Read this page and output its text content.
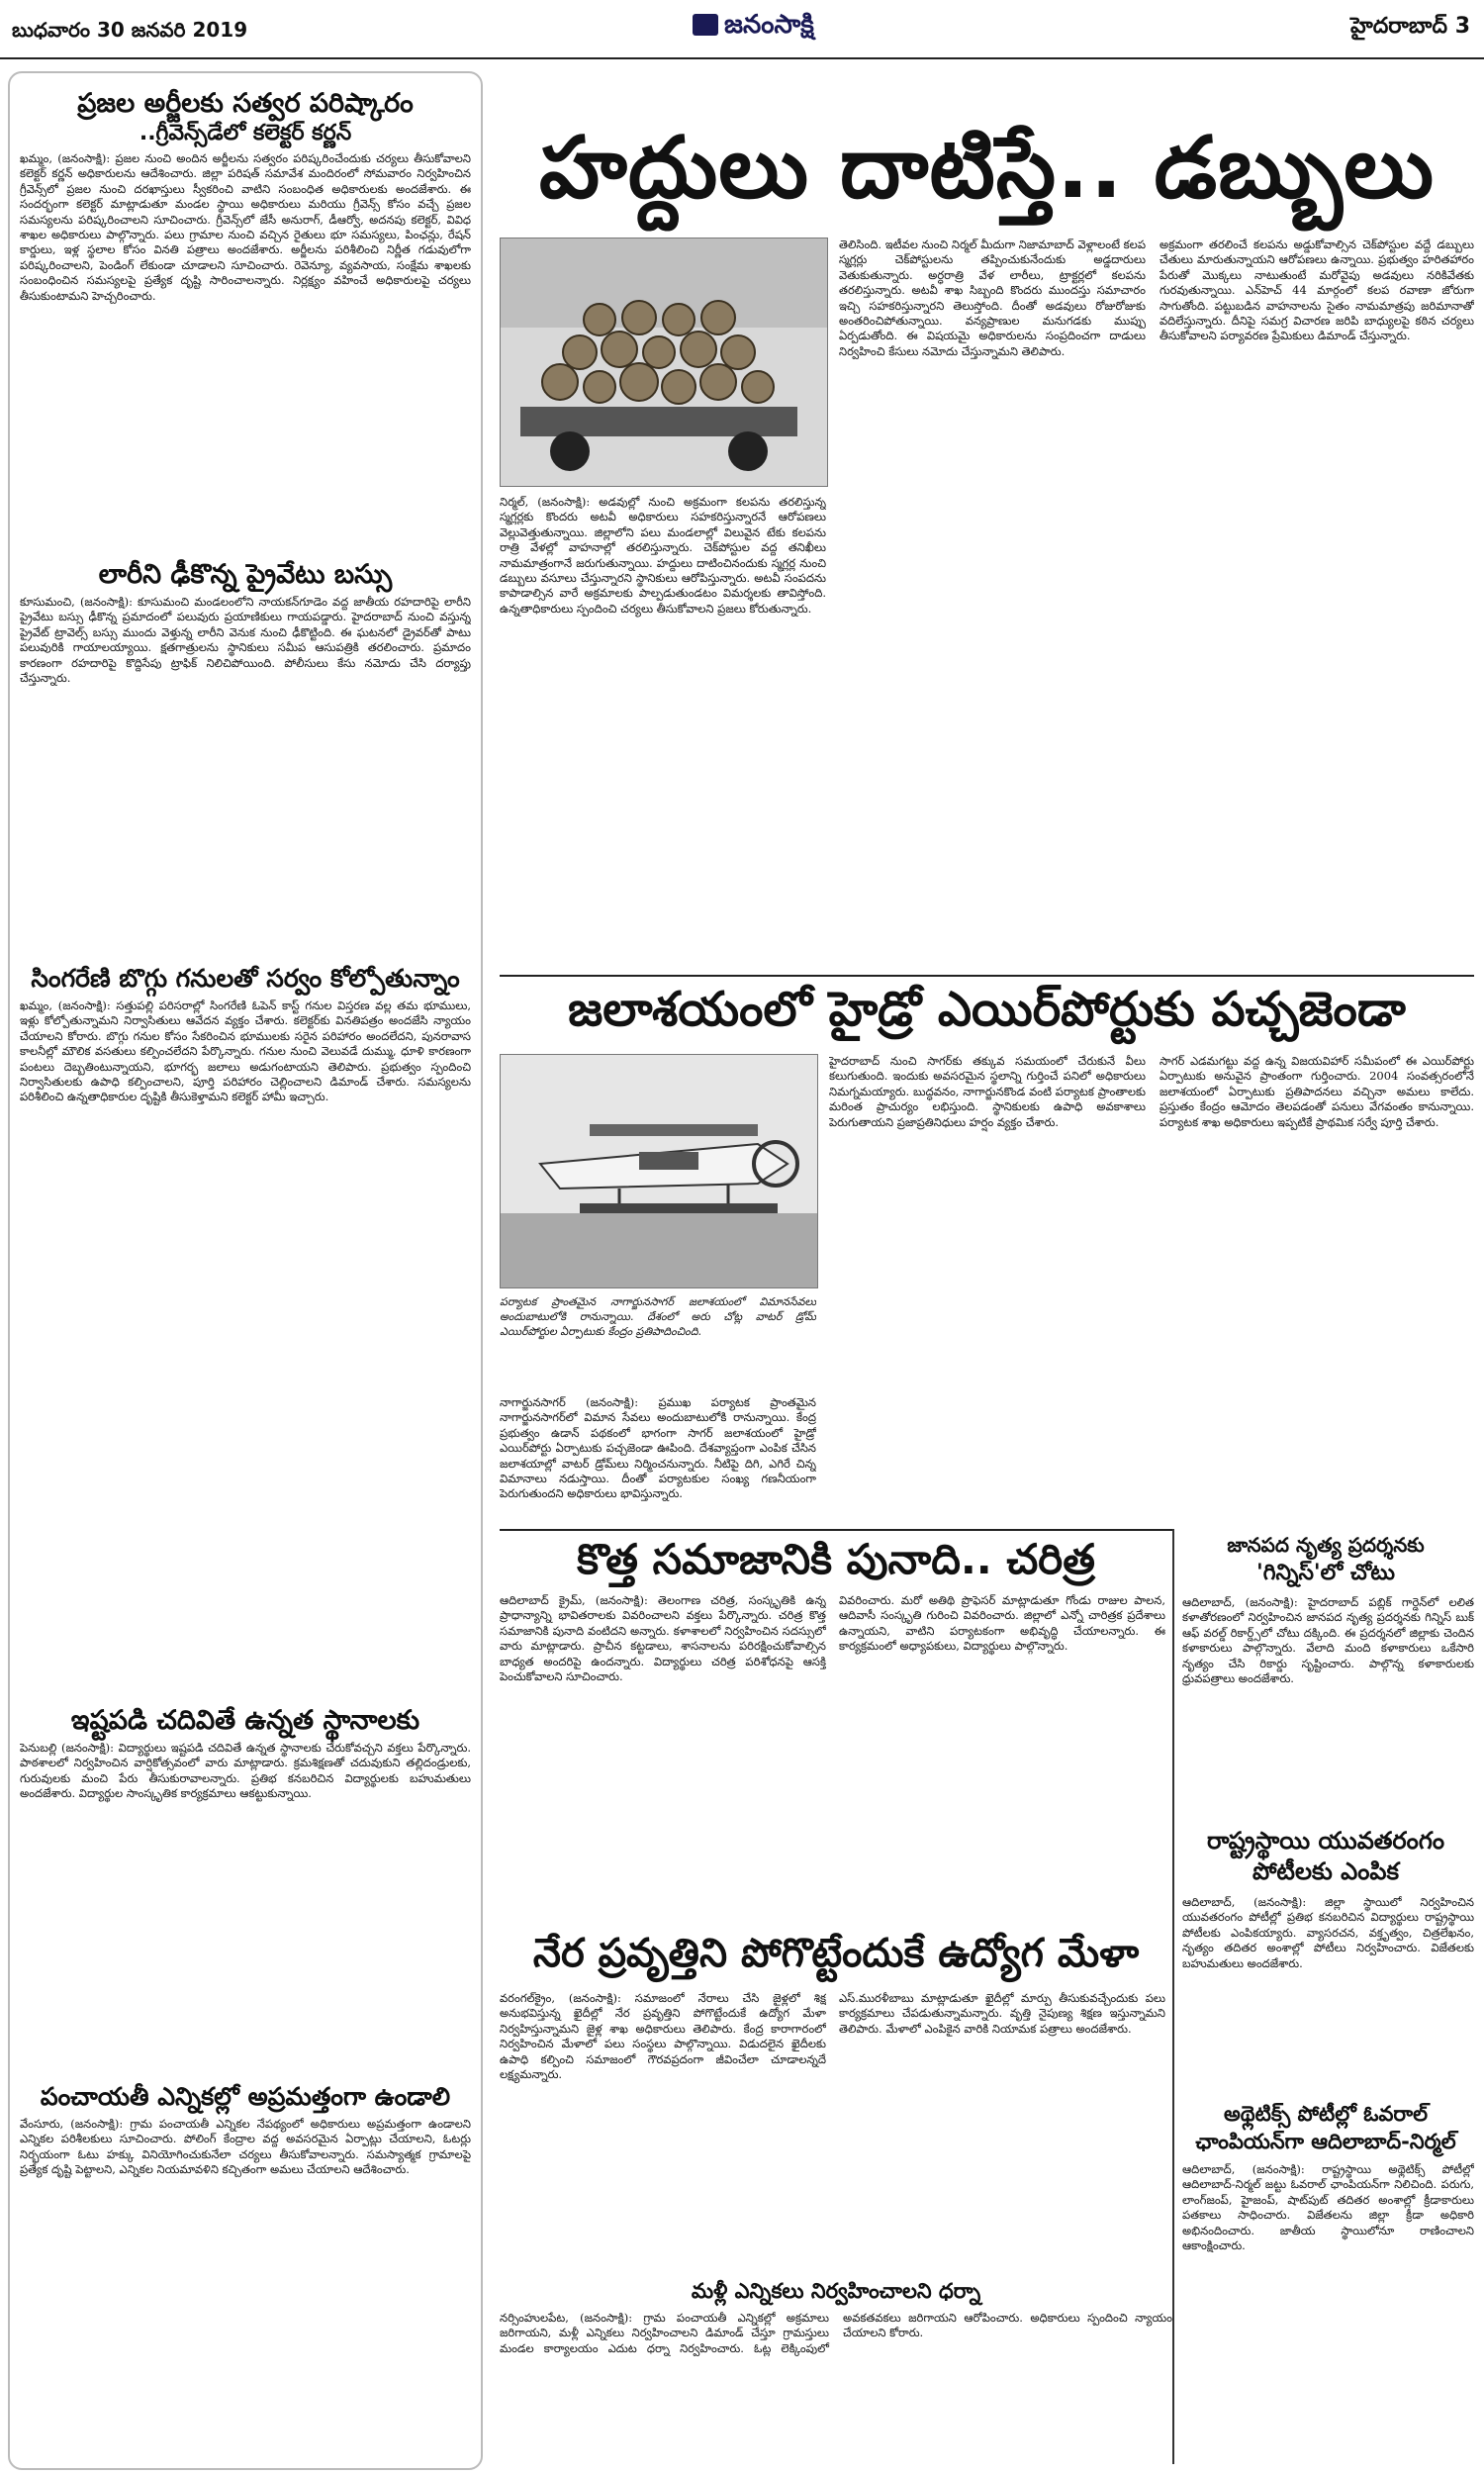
బుధవారం 30 జనవరి 2019	జనంసాక్షి	హైదరాబాద్ 3
ప్రజల అర్జీలకు సత్వర పరిష్కారం
..గ్రీవెన్స్‌డేలో కలెక్టర్ కర్ణన్

ఖమ్మం, (జనంసాక్షి): ప్రజల నుంచి అందిన అర్జీలను సత్వరం పరిష్కరించేందుకు చర్యలు తీసుకోవాలని కలెక్టర్ కర్ణన్ అధికారులను ఆదేశించారు. జిల్లా పరిషత్ సమావేశ మందిరంలో సోమవారం నిర్వహించిన గ్రీవెన్స్‌లో ప్రజల నుంచి దరఖాస్తులు స్వీకరించి వాటిని సంబంధిత అధికారులకు అందజేశారు. ఈ సందర్భంగా కలెక్టర్ మాట్లాడుతూ మండల స్థాయి అధికారులు మరియు గ్రీవెన్స్ కోసం వచ్చే ప్రజల సమస్యలను పరిష్కరించాలని సూచించారు. గ్రీవెన్స్‌లో జేసీ అనురాగ్, డీఆర్వో, అదనపు కలెక్టర్, వివిధ శాఖల అధికారులు పాల్గొన్నారు. పలు గ్రామాల నుంచి వచ్చిన రైతులు భూ సమస్యలు, పింఛన్లు, రేషన్ కార్డులు, ఇళ్ల స్థలాల కోసం వినతి పత్రాలు అందజేశారు. అర్జీలను పరిశీలించి నిర్ణీత గడువులోగా పరిష్కరించాలని, పెండింగ్ లేకుండా చూడాలని సూచించారు. రెవెన్యూ, వ్యవసాయ, సంక్షేమ శాఖలకు సంబంధించిన సమస్యలపై ప్రత్యేక దృష్టి సారించాలన్నారు. నిర్లక్ష్యం వహించే అధికారులపై చర్యలు తీసుకుంటామని హెచ్చరించారు.

లారీని ఢీకొన్న ప్రైవేటు బస్సు

కూసుమంచి, (జనంసాక్షి): కూసుమంచి మండలంలోని నాయకన్‌గూడెం వద్ద జాతీయ రహదారిపై లారీని ప్రైవేటు బస్సు ఢీకొన్న ప్రమాదంలో పలువురు ప్రయాణికులు గాయపడ్డారు. హైదరాబాద్ నుంచి వస్తున్న ప్రైవేట్ ట్రావెల్స్ బస్సు ముందు వెళ్తున్న లారీని వెనుక నుంచి ఢీకొట్టింది. ఈ ఘటనలో డ్రైవర్‌తో పాటు పలువురికి గాయాలయ్యాయి. క్షతగాత్రులను స్థానికులు సమీప ఆసుపత్రికి తరలించారు. ప్రమాదం కారణంగా రహదారిపై కొద్దిసేపు ట్రాఫిక్ నిలిచిపోయింది. పోలీసులు కేసు నమోదు చేసి దర్యాప్తు చేస్తున్నారు.

సింగరేణి బొగ్గు గనులతో సర్వం కోల్పోతున్నాం

ఖమ్మం, (జనంసాక్షి): సత్తుపల్లి పరిసరాల్లో సింగరేణి ఓపెన్ కాస్ట్ గనుల విస్తరణ వల్ల తమ భూములు, ఇళ్లు కోల్పోతున్నామని నిర్వాసితులు ఆవేదన వ్యక్తం చేశారు. కలెక్టర్‌కు వినతిపత్రం అందజేసి న్యాయం చేయాలని కోరారు. బొగ్గు గనుల కోసం సేకరించిన భూములకు సరైన పరిహారం అందలేదని, పునరావాస కాలనీల్లో మౌలిక వసతులు కల్పించలేదని పేర్కొన్నారు. గనుల నుంచి వెలువడే దుమ్ము, ధూళి కారణంగా పంటలు దెబ్బతింటున్నాయని, భూగర్భ జలాలు అడుగంటాయని తెలిపారు. ప్రభుత్వం స్పందించి నిర్వాసితులకు ఉపాధి కల్పించాలని, పూర్తి పరిహారం చెల్లించాలని డిమాండ్ చేశారు. సమస్యలను పరిశీలించి ఉన్నతాధికారుల దృష్టికి తీసుకెళ్తామని కలెక్టర్ హామీ ఇచ్చారు.

ఇష్టపడి చదివితే ఉన్నత స్థానాలకు

పెనుబల్లి (జనంసాక్షి): విద్యార్థులు ఇష్టపడి చదివితే ఉన్నత స్థానాలకు చేరుకోవచ్చని వక్తలు పేర్కొన్నారు. పాఠశాలలో నిర్వహించిన వార్షికోత్సవంలో వారు మాట్లాడారు. క్రమశిక్షణతో చదువుకుని తల్లిదండ్రులకు, గురువులకు మంచి పేరు తీసుకురావాలన్నారు. ప్రతిభ కనబరిచిన విద్యార్థులకు బహుమతులు అందజేశారు. విద్యార్థుల సాంస్కృతిక కార్యక్రమాలు ఆకట్టుకున్నాయి.

పంచాయతీ ఎన్నికల్లో అప్రమత్తంగా ఉండాలి

వేంసూరు, (జనంసాక్షి): గ్రామ పంచాయతీ ఎన్నికల నేపథ్యంలో అధికారులు అప్రమత్తంగా ఉండాలని ఎన్నికల పరిశీలకులు సూచించారు. పోలింగ్ కేంద్రాల వద్ద అవసరమైన ఏర్పాట్లు చేయాలని, ఓటర్లు నిర్భయంగా ఓటు హక్కు వినియోగించుకునేలా చర్యలు తీసుకోవాలన్నారు. సమస్యాత్మక గ్రామాలపై ప్రత్యేక దృష్టి పెట్టాలని, ఎన్నికల నియమావళిని కచ్చితంగా అమలు చేయాలని ఆదేశించారు.

హద్దులు దాటిస్తే.. డబ్బులు

నిర్మల్, (జనంసాక్షి): అడవుల్లో నుంచి అక్రమంగా కలపను తరలిస్తున్న స్మగ్లర్లకు కొందరు అటవీ అధికారులు సహకరిస్తున్నారనే ఆరోపణలు వెల్లువెత్తుతున్నాయి. జిల్లాలోని పలు మండలాల్లో విలువైన టేకు కలపను రాత్రి వేళల్లో వాహనాల్లో తరలిస్తున్నారు. చెక్‌పోస్టుల వద్ద తనిఖీలు నామమాత్రంగానే జరుగుతున్నాయి. హద్దులు దాటించినందుకు స్మగ్లర్ల నుంచి డబ్బులు వసూలు చేస్తున్నారని స్థానికులు ఆరోపిస్తున్నారు. అటవీ సంపదను కాపాడాల్సిన వారే అక్రమాలకు పాల్పడుతుండటం విమర్శలకు తావిస్తోంది. ఉన్నతాధికారులు స్పందించి చర్యలు తీసుకోవాలని ప్రజలు కోరుతున్నారు.

తెలిసింది. ఇటీవల నుంచి నిర్మల్ మీదుగా నిజామాబాద్ వెళ్లాలంటే కలప స్మగ్లర్లు చెక్‌పోస్టులను తప్పించుకునేందుకు అడ్డదారులు వెతుకుతున్నారు. అర్ధరాత్రి వేళ లారీలు, ట్రాక్టర్లలో కలపను తరలిస్తున్నారు. అటవీ శాఖ సిబ్బంది కొందరు ముందస్తు సమాచారం ఇచ్చి సహకరిస్తున్నారని తెలుస్తోంది. దీంతో అడవులు రోజురోజుకు అంతరించిపోతున్నాయి. వన్యప్రాణుల మనుగడకు ముప్పు ఏర్పడుతోంది. ఈ విషయమై అధికారులను సంప్రదించగా దాడులు నిర్వహించి కేసులు నమోదు చేస్తున్నామని తెలిపారు.

అక్రమంగా తరలించే కలపను అడ్డుకోవాల్సిన చెక్‌పోస్టుల వద్దే డబ్బులు చేతులు మారుతున్నాయని ఆరోపణలు ఉన్నాయి. ప్రభుత్వం హరితహారం పేరుతో మొక్కలు నాటుతుంటే మరోవైపు అడవులు నరికివేతకు గురవుతున్నాయి. ఎన్‌హెచ్ 44 మార్గంలో కలప రవాణా జోరుగా సాగుతోంది. పట్టుబడిన వాహనాలను సైతం నామమాత్రపు జరిమానాతో వదిలేస్తున్నారు. దీనిపై సమగ్ర విచారణ జరిపి బాధ్యులపై కఠిన చర్యలు తీసుకోవాలని పర్యావరణ ప్రేమికులు డిమాండ్ చేస్తున్నారు.

జలాశయంలో హైడ్రో ఎయిర్‌పోర్టుకు పచ్చజెండా
పర్యాటక ప్రాంతమైన నాగార్జునసాగర్ జలాశయంలో విమానసేవలు అందుబాటులోకి రానున్నాయి. దేశంలో అరు చోట్ల వాటర్ డ్రోమ్ ఎయిర్‌పోర్టుల ఏర్పాటుకు కేంద్రం ప్రతిపాదించింది.

నాగార్జునసాగర్ (జనంసాక్షి): ప్రముఖ పర్యాటక ప్రాంతమైన నాగార్జునసాగర్‌లో విమాన సేవలు అందుబాటులోకి రానున్నాయి. కేంద్ర ప్రభుత్వం ఉడాన్ పథకంలో భాగంగా సాగర్ జలాశయంలో హైడ్రో ఎయిర్‌పోర్టు ఏర్పాటుకు పచ్చజెండా ఊపింది. దేశవ్యాప్తంగా ఎంపిక చేసిన జలాశయాల్లో వాటర్ డ్రోమ్‌లు నిర్మించనున్నారు. నీటిపై దిగి, ఎగిరే చిన్న విమానాలు నడుస్తాయి. దీంతో పర్యాటకుల సంఖ్య గణనీయంగా పెరుగుతుందని అధికారులు భావిస్తున్నారు.

హైదరాబాద్ నుంచి సాగర్‌కు తక్కువ సమయంలో చేరుకునే వీలు కలుగుతుంది. ఇందుకు అవసరమైన స్థలాన్ని గుర్తించే పనిలో అధికారులు నిమగ్నమయ్యారు. బుద్ధవనం, నాగార్జునకొండ వంటి పర్యాటక ప్రాంతాలకు మరింత ప్రాచుర్యం లభిస్తుంది. స్థానికులకు ఉపాధి అవకాశాలు పెరుగుతాయని ప్రజాప్రతినిధులు హర్షం వ్యక్తం చేశారు.

సాగర్ ఎడమగట్టు వద్ద ఉన్న విజయవిహార్ సమీపంలో ఈ ఎయిర్‌పోర్టు ఏర్పాటుకు అనువైన ప్రాంతంగా గుర్తించారు. 2004 సంవత్సరంలోనే జలాశయంలో ఏర్పాటుకు ప్రతిపాదనలు వచ్చినా అమలు కాలేదు. ప్రస్తుతం కేంద్రం ఆమోదం తెలపడంతో పనులు వేగవంతం కానున్నాయి. పర్యాటక శాఖ అధికారులు ఇప్పటికే ప్రాథమిక సర్వే పూర్తి చేశారు.

కొత్త సమాజానికి పునాది.. చరిత్ర

ఆదిలాబాద్ క్రైమ్, (జనంసాక్షి): తెలంగాణ చరిత్ర, సంస్కృతికి ఉన్న ప్రాధాన్యాన్ని భావితరాలకు వివరించాలని వక్తలు పేర్కొన్నారు. చరిత్ర కొత్త సమాజానికి పునాది వంటిదని అన్నారు. కళాశాలలో నిర్వహించిన సదస్సులో వారు మాట్లాడారు. ప్రాచీన కట్టడాలు, శాసనాలను పరిరక్షించుకోవాల్సిన బాధ్యత అందరిపై ఉందన్నారు. విద్యార్థులు చరిత్ర పరిశోధనపై ఆసక్తి పెంచుకోవాలని సూచించారు.

వివరించారు. మరో అతిథి ప్రొఫెసర్ మాట్లాడుతూ గోండు రాజుల పాలన, ఆదివాసీ సంస్కృతి గురించి వివరించారు. జిల్లాలో ఎన్నో చారిత్రక ప్రదేశాలు ఉన్నాయని, వాటిని పర్యాటకంగా అభివృద్ధి చేయాలన్నారు. ఈ కార్యక్రమంలో అధ్యాపకులు, విద్యార్థులు పాల్గొన్నారు.

నేర ప్రవృత్తిని పోగొట్టేందుకే ఉద్యోగ మేళా

వరంగల్‌క్రైం, (జనంసాక్షి): సమాజంలో నేరాలు చేసి జైళ్లలో శిక్ష అనుభవిస్తున్న ఖైదీల్లో నేర ప్రవృత్తిని పోగొట్టేందుకే ఉద్యోగ మేళా నిర్వహిస్తున్నామని జైళ్ల శాఖ అధికారులు తెలిపారు. కేంద్ర కారాగారంలో నిర్వహించిన మేళాలో పలు సంస్థలు పాల్గొన్నాయి. విడుదలైన ఖైదీలకు ఉపాధి కల్పించి సమాజంలో గౌరవప్రదంగా జీవించేలా చూడాలన్నదే లక్ష్యమన్నారు.

ఎస్.మురళీబాబు మాట్లాడుతూ ఖైదీల్లో మార్పు తీసుకువచ్చేందుకు పలు కార్యక్రమాలు చేపడుతున్నామన్నారు. వృత్తి నైపుణ్య శిక్షణ ఇస్తున్నామని తెలిపారు. మేళాలో ఎంపికైన వారికి నియామక పత్రాలు అందజేశారు.

మళ్లీ ఎన్నికలు నిర్వహించాలని ధర్నా

నర్సింహులపేట, (జనంసాక్షి): గ్రామ పంచాయతీ ఎన్నికల్లో అక్రమాలు జరిగాయని, మళ్లీ ఎన్నికలు నిర్వహించాలని డిమాండ్ చేస్తూ గ్రామస్తులు మండల కార్యాలయం ఎదుట ధర్నా నిర్వహించారు. ఓట్ల లెక్కింపులో అవకతవకలు జరిగాయని ఆరోపించారు. అధికారులు స్పందించి న్యాయం చేయాలని కోరారు.

జానపద నృత్య ప్రదర్శనకు
'గిన్నిస్'లో చోటు

ఆదిలాబాద్, (జనంసాక్షి): హైదరాబాద్ పబ్లిక్ గార్డెన్‌లో లలిత కళాతోరణంలో నిర్వహించిన జానపద నృత్య ప్రదర్శనకు గిన్నిస్ బుక్ ఆఫ్ వరల్డ్ రికార్డ్స్‌లో చోటు దక్కింది. ఈ ప్రదర్శనలో జిల్లాకు చెందిన కళాకారులు పాల్గొన్నారు. వేలాది మంది కళాకారులు ఒకేసారి నృత్యం చేసి రికార్డు సృష్టించారు. పాల్గొన్న కళాకారులకు ధ్రువపత్రాలు అందజేశారు.

రాష్ట్రస్థాయి యువతరంగం
పోటీలకు ఎంపిక

ఆదిలాబాద్, (జనంసాక్షి): జిల్లా స్థాయిలో నిర్వహించిన యువతరంగం పోటీల్లో ప్రతిభ కనబరిచిన విద్యార్థులు రాష్ట్రస్థాయి పోటీలకు ఎంపికయ్యారు. వ్యాసరచన, వక్తృత్వం, చిత్రలేఖనం, నృత్యం తదితర అంశాల్లో పోటీలు నిర్వహించారు. విజేతలకు బహుమతులు అందజేశారు.

అథ్లెటిక్స్ పోటీల్లో ఓవరాల్
ఛాంపియన్‌గా ఆదిలాబాద్-నిర్మల్

ఆదిలాబాద్, (జనంసాక్షి): రాష్ట్రస్థాయి అథ్లెటిక్స్ పోటీల్లో ఆదిలాబాద్-నిర్మల్ జట్టు ఓవరాల్ ఛాంపియన్‌గా నిలిచింది. పరుగు, లాంగ్‌జంప్, హైజంప్, షాట్‌పుట్ తదితర అంశాల్లో క్రీడాకారులు పతకాలు సాధించారు. విజేతలను జిల్లా క్రీడా అధికారి అభినందించారు. జాతీయ స్థాయిలోనూ రాణించాలని ఆకాంక్షించారు.
